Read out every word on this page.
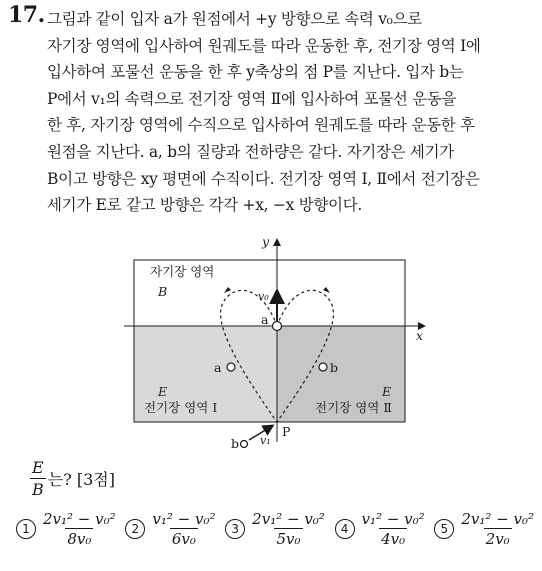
17. 그림과 같이 입자 a가 원점에서 +y 방향으로 속력 v₀으로
자기장 영역에 입사하여 원궤도를 따라 운동한 후, 전기장 영역 Ⅰ에
입사하여 포물선 운동을 한 후 y축상의 점 P를 지난다. 입자 b는
P에서 v₁의 속력으로 전기장 영역 Ⅱ에 입사하여 포물선 운동을
한 후, 자기장 영역에 수직으로 입사하여 원궤도를 따라 운동한 후
원점을 지난다. a, b의 질량과 전하량은 같다. 자기장은 세기가
B이고 방향은 xy 평면에 수직이다. 전기장 영역 Ⅰ, Ⅱ에서 전기장은
세기가 E로 같고 방향은 각각 +x, −x 방향이다.
y
x
자기장 영역
B	v₀
a
a	b
E
전기장 영역 Ⅰ
E
전기장 영역 Ⅱ
P
b v₁
$\frac{E}{B}$ 는? [3점]
$1 \frac{\text{2v₁² − v₀²}}{\text{8v₀}}$	$2 \frac{\text{v₁² − v₀²}}{\text{6v₀}}$	$3 \frac{\text{2v₁² − v₀²}}{\text{5v₀}}$	$4 \frac{\text{v₁² − v₀²}}{\text{4v₀}}$	$5 \frac{\text{2v₁² − v₀²}}{\text{2v₀}}$
